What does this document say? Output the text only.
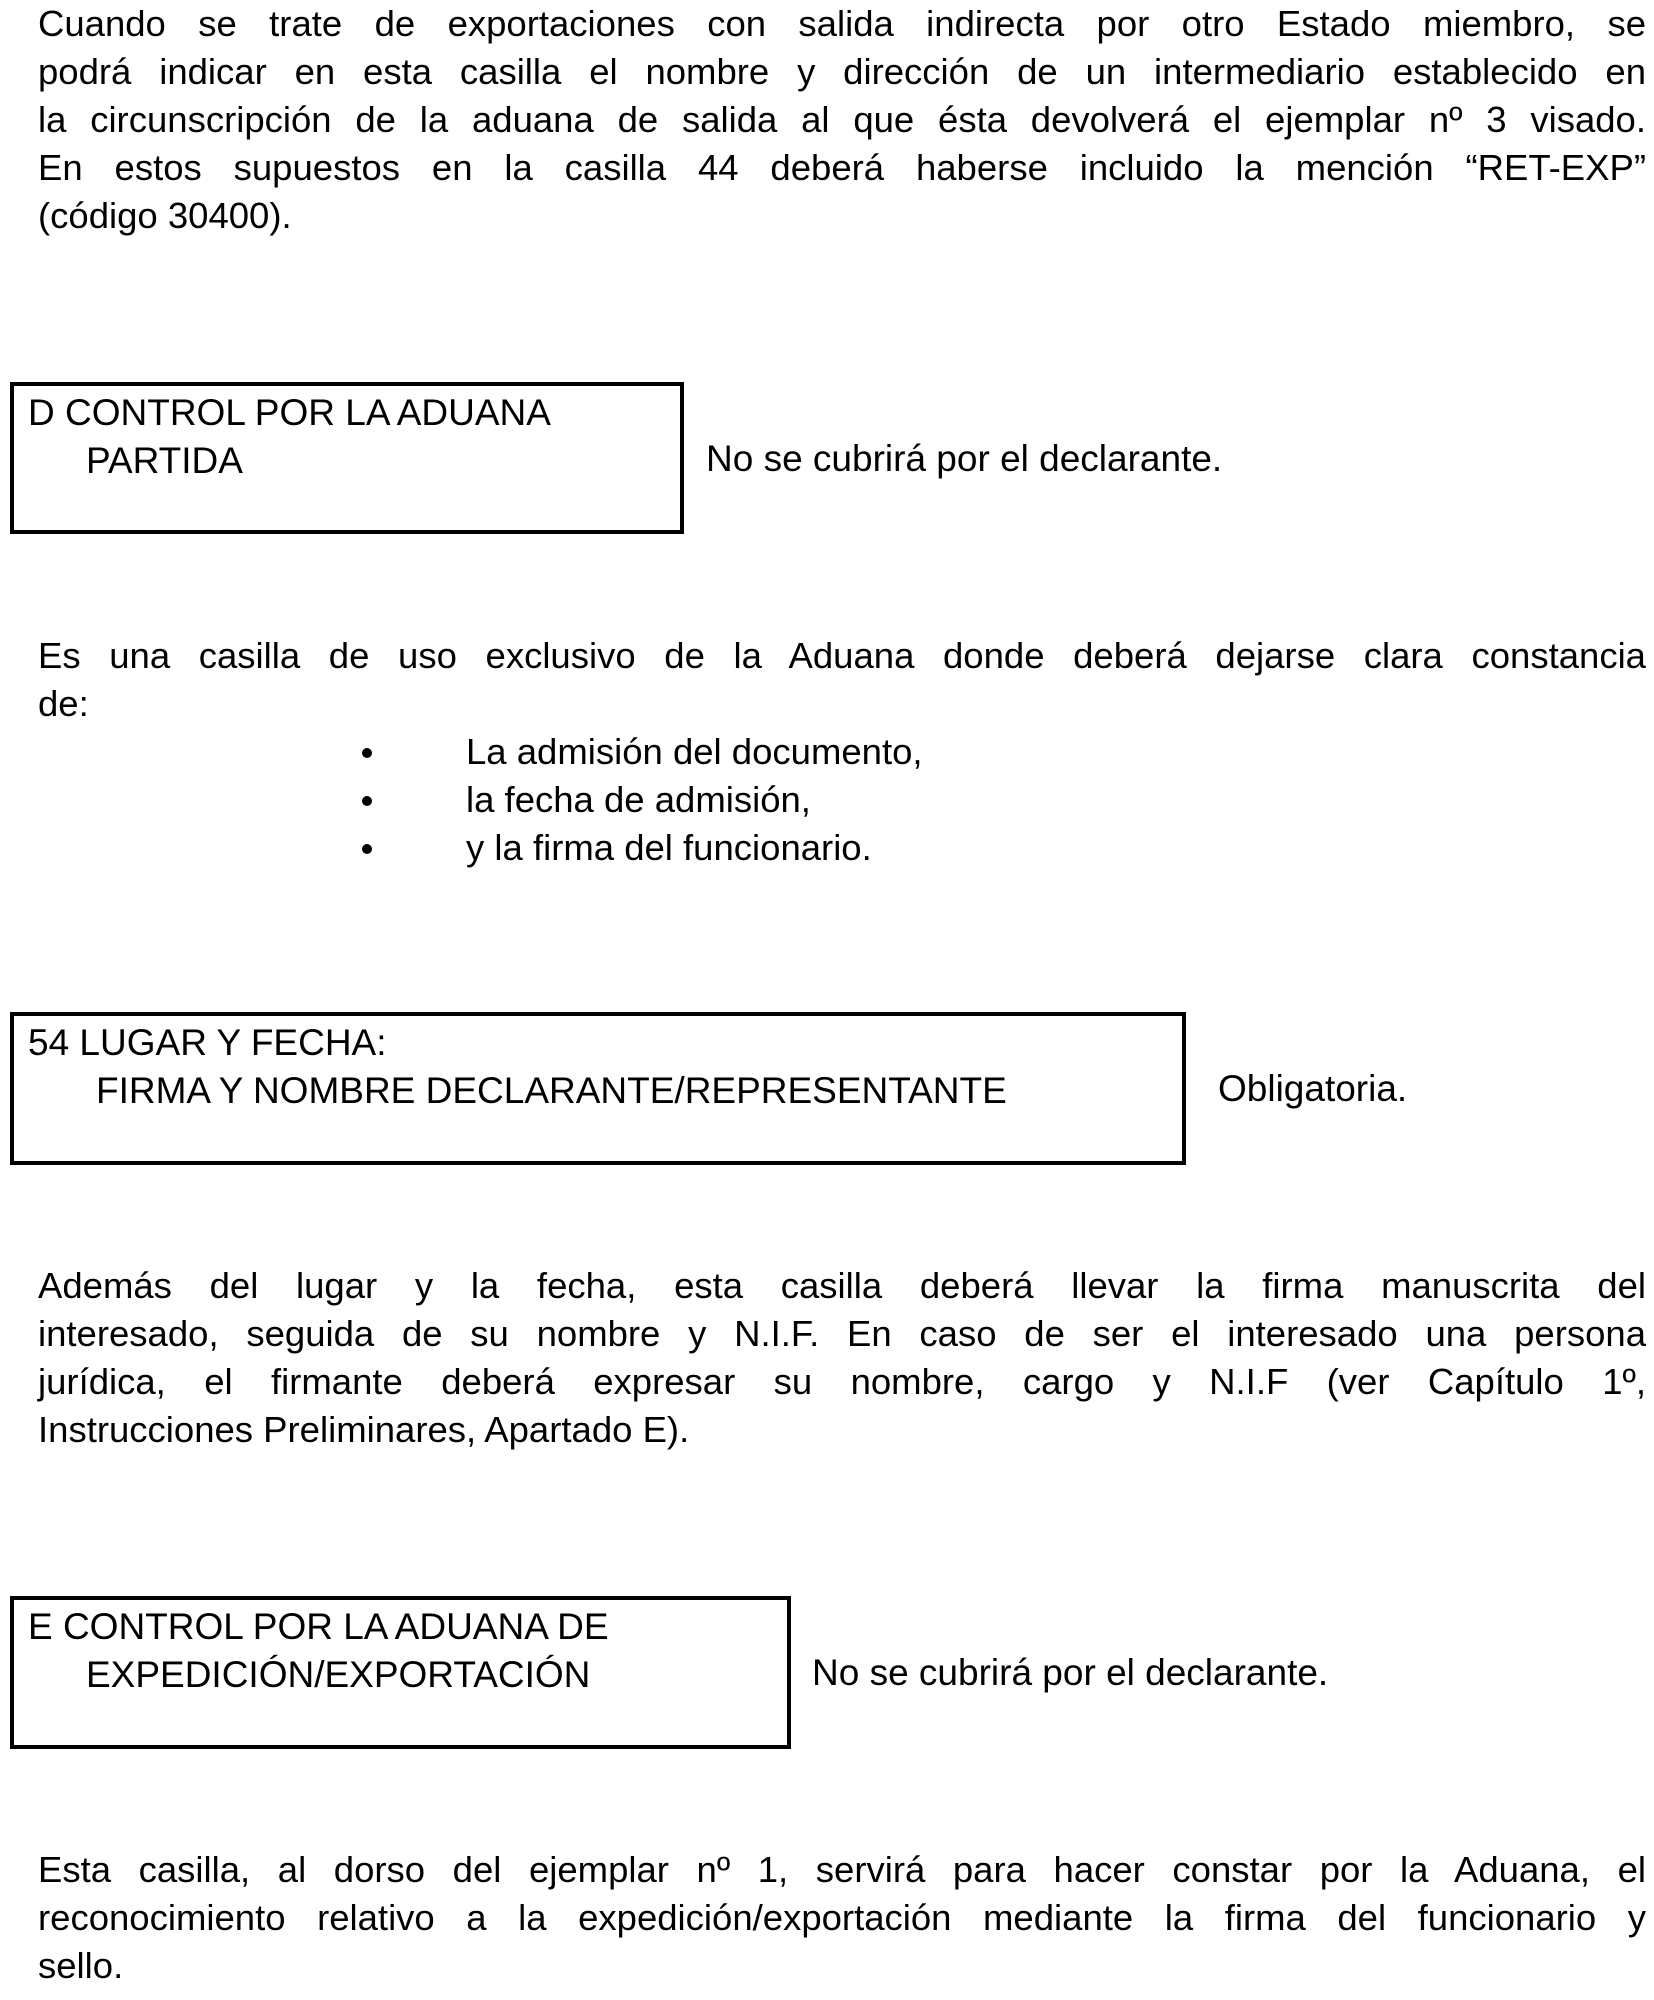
Cuando se trate de exportaciones con salida indirecta por otro Estado miembro, se
podrá indicar en esta casilla el nombre y dirección de un intermediario establecido en
la circunscripción de la aduana de salida al que ésta devolverá el ejemplar nº 3 visado.
En estos supuestos en la casilla 44 deberá haberse incluido la mención “RET-EXP”
(código 30400).
D CONTROL POR LA ADUANA
PARTIDA	No se cubrirá por el declarante.
Es una casilla de uso exclusivo de la Aduana donde deberá dejarse clara constancia
de:
La admisión del documento,
la fecha de admisión,
y la firma del funcionario.
54 LUGAR Y FECHA:
FIRMA Y NOMBRE DECLARANTE/REPRESENTANTE	Obligatoria.
Además del lugar y la fecha, esta casilla deberá llevar la firma manuscrita del
interesado, seguida de su nombre y N.I.F. En caso de ser el interesado una persona
jurídica, el firmante deberá expresar su nombre, cargo y N.I.F (ver Capítulo 1º,
Instrucciones Preliminares, Apartado E).
E CONTROL POR LA ADUANA DE
EXPEDICIÓN/EXPORTACIÓN	No se cubrirá por el declarante.
Esta casilla, al dorso del ejemplar nº 1, servirá para hacer constar por la Aduana, el
reconocimiento relativo a la expedición/exportación mediante la firma del funcionario y
sello.
